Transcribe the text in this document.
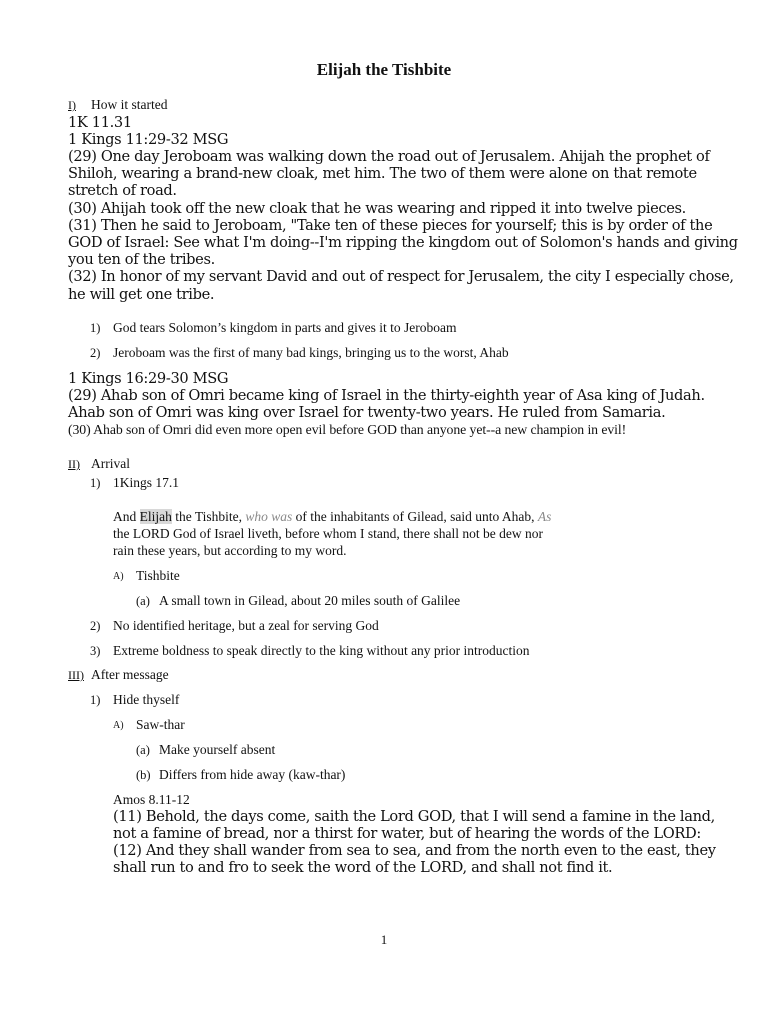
Elijah the Tishbite
I) How it started
1K 11.31
1 Kings 11:29-32 MSG
(29) One day Jeroboam was walking down the road out of Jerusalem. Ahijah the prophet of
Shiloh, wearing a brand-new cloak, met him. The two of them were alone on that remote
stretch of road.
(30) Ahijah took off the new cloak that he was wearing and ripped it into twelve pieces.
(31) Then he said to Jeroboam, "Take ten of these pieces for yourself; this is by order of the
GOD of Israel: See what I'm doing--I'm ripping the kingdom out of Solomon's hands and giving
you ten of the tribes.
(32) In honor of my servant David and out of respect for Jerusalem, the city I especially chose,
he will get one tribe.
1) God tears Solomon’s kingdom in parts and gives it to Jeroboam
2) Jeroboam was the first of many bad kings, bringing us to the worst, Ahab
1 Kings 16:29-30 MSG
(29) Ahab son of Omri became king of Israel in the thirty-eighth year of Asa king of Judah.
Ahab son of Omri was king over Israel for twenty-two years. He ruled from Samaria.
(30) Ahab son of Omri did even more open evil before GOD than anyone yet--a new champion in evil!
II) Arrival
1) 1Kings 17.1
And Elijah the Tishbite, who was of the inhabitants of Gilead, said unto Ahab, As
the LORD God of Israel liveth, before whom I stand, there shall not be dew nor
rain these years, but according to my word.
A) Tishbite
(a) A small town in Gilead, about 20 miles south of Galilee
2) No identified heritage, but a zeal for serving God
3) Extreme boldness to speak directly to the king without any prior introduction
III) After message
1) Hide thyself
A) Saw-thar
(a) Make yourself absent
(b) Differs from hide away (kaw-thar)
Amos 8.11-12
(11) Behold, the days come, saith the Lord GOD, that I will send a famine in the land,
not a famine of bread, nor a thirst for water, but of hearing the words of the LORD:
(12) And they shall wander from sea to sea, and from the north even to the east, they
shall run to and fro to seek the word of the LORD, and shall not find it.
1
